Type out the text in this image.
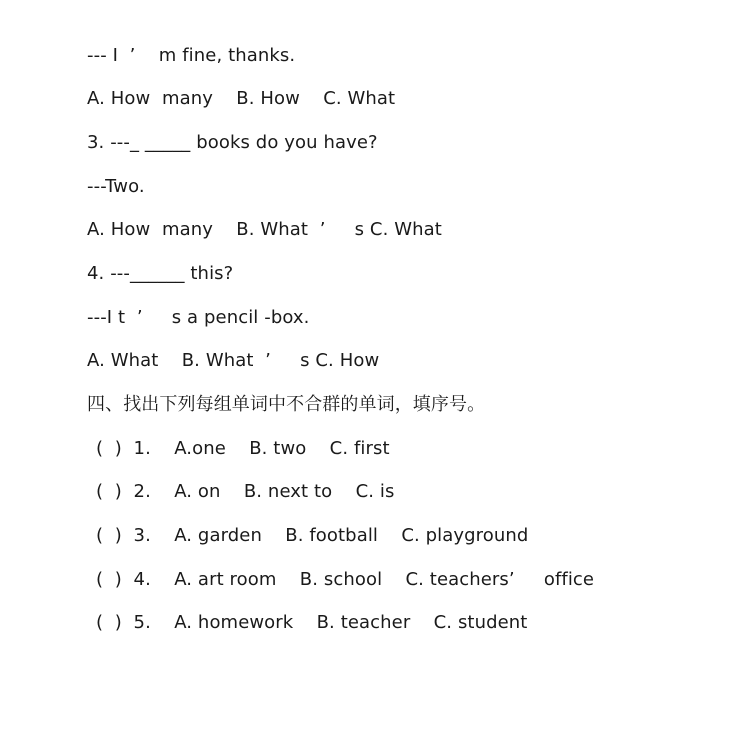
--- I  ’    m fine, thanks.
A. How  many    B. How    C. What
3. ---_ _____ books do you have?
---Two.
A. How  many    B. What  ’     s C. What
4. ---______ this?
---I t  ’     s a pencil -box.
A. What    B. What  ’     s C. How
四、找出下列每组单词中不合群的单词，填序号。
(  )  1.    A.one    B. two    C. first
(  )  2.    A. on    B. next to    C. is
(  )  3.    A. garden    B. football    C. playground
(  )  4.    A. art room    B. school    C. teachers’     office
(  )  5.    A. homework    B. teacher    C. student
